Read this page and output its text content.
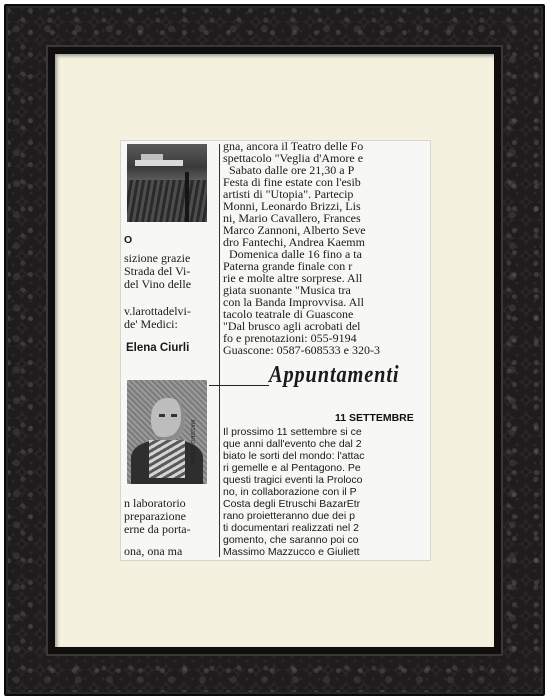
O
sizione grazie
Strada del Vi-
del Vino delle
v.larottadelvi-
de' Medici:
Elena Ciurli
MASSIMO SESTINI
n laboratorio
preparazione
erne da porta-
ona, ona ma
gna, ancora il Teatro delle Fo
spettacolo "Veglia d'Amore e
Sabato dalle ore 21,30 a P
Festa di fine estate con l'esib
artisti di "Utopia". Partecip
Monni, Leonardo Brizzi, Lis
ni, Mario Cavallero, Frances
Marco Zannoni, Alberto Seve
dro Fantechi, Andrea Kaemm
Domenica dalle 16 fino a ta
Paterna grande finale con r
rie e molte altre sorprese. All
giata suonante "Musica tra
con la Banda Improvvisa. All
tacolo teatrale di Guascone
"Dal brusco agli acrobati del
fo e prenotazioni: 055-9194
Guascone: 0587-608533 e 320-3
Appuntamenti
11 SETTEMBRE
Il prossimo 11 settembre si ce
que anni dall'evento che dal 2
biato le sorti del mondo: l'attac
ri gemelle e al Pentagono. Pe
questi tragici eventi la Proloco
no, in collaborazione con il P
Costa degli Etruschi BazarEtr
rano proietteranno due dei p
ti documentari realizzati nel 2
gomento, che saranno poi co
Massimo Mazzucco e Giuliett
